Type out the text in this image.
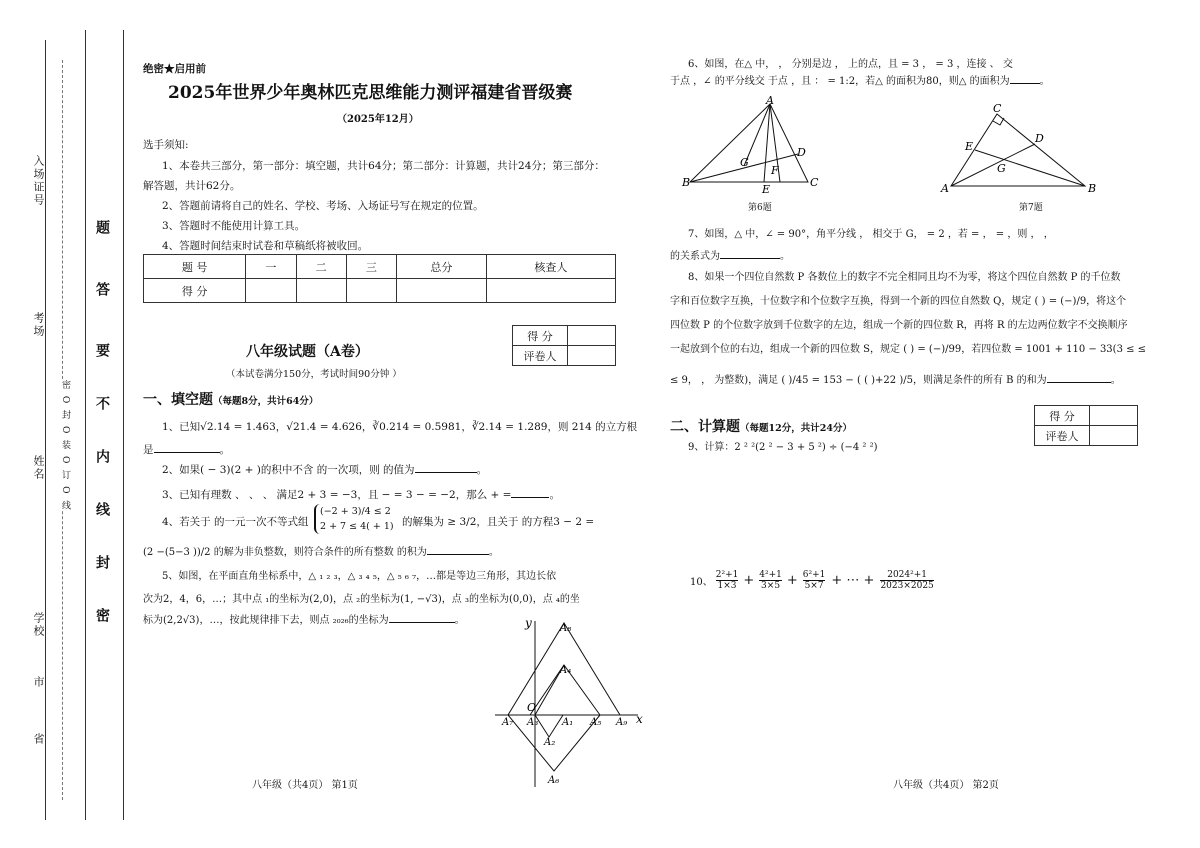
入场证号
考场
姓名
学校
市
省
密 O 封 O 装 O 订 O 线
密
封
线
内
不
要
答
题
绝密★启用前
2025年世界少年奥林匹克思维能力测评福建省晋级赛
（2025年12月）
选手须知:
1、本卷共三部分，第一部分：填空题，共计64分；第二部分：计算题，共计24分；第三部分：
解答题，共计62分。
2、答题前请将自己的姓名、学校、考场、入场证号写在规定的位置。
3、答题时不能使用计算工具。
4、答题时间结束时试卷和草稿纸将被收回。
题 号	一	二	三	总分	核查人
得 分					
得 分	
评卷人	
八年级试题（A卷）
（本试卷满分150分，考试时间90分钟 ）
一、填空题（每题8分，共计64分）
1、已知√2.14 = 1.463，√21.4 = 4.626，∛0.214 = 0.5981，∛2.14 = 1.289，则 214 的立方根
是	。
2、如果( − 3)(2 + )的积中不含 的一次项，则 的值为	。
3、已知有理数 、 、 、 满足2 + 3 = −3，且 − = 3 − = −2，那么 + =	。
4、若关于 的一元一次不等式组
(−2 + 3)/4 ≤ 2
2 + 7 ≤ 4( + 1) 的解集为 ≥ 3/2，且关于 的方程3 − 2 =
(2 −(5−3 ))/2 的解为非负整数，则符合条件的所有整数 的积为	。
5、如图，在平面直角坐标系中，△ ₁ ₂ ₃，△ ₃ ₄ ₅，△ ₅ ₆ ₇，…都是等边三角形，其边长依
次为2，4，6，…；其中点 ₁的坐标为(2,0)，点 ₂的坐标为(1, −√3)，点 ₃的坐标为(0,0)，点 ₄的坐
标为(2,2√3)，…，按此规律排下去，则点 ₂₀₂₆的坐标为	。	y
x
O
A₈
A₄
A₇ A₃ A₁ A₅ A₉
A₂
A₆
八年级（共4页） 第1页
6、如图，在△ 中， ， 分别是边 ， 上的点，且 = 3 ， = 3 ，连接 、 交
于点 ，∠ 的平分线交 于点 ，且 ： = 1:2，若△ 的面积为80，则△ 的面积为	。
A
B	C
D
E
F
G
第6题
C
A	B
D
E
G
第7题
7、如图，△ 中，∠ = 90°，角平分线 ， 相交于 G， = 2 ，若 = ， = ，则 ， ，
的关系式为	。
8、如果一个四位自然数 P 各数位上的数字不完全相同且均不为零，将这个四位自然数 P 的千位数
字和百位数字互换，十位数字和个位数字互换，得到一个新的四位自然数 Q，规定 ( ) = (−)/9，将这个
四位数 P 的个位数字放到千位数字的左边，组成一个新的四位数 R，再将 R 的左边两位数字不交换顺序
一起放到个位的右边，组成一个新的四位数 S，规定 ( ) = (−)/99，若四位数 = 1001 + 110 − 33(3 ≤ ≤
≤ 9， ， 为整数)，满足 ( )/45 = 153 − ( ( )+22 )/5，则满足条件的所有 B 的和为	。
二、计算题（每题12分，共计24分）
得 分	
评卷人	
9、计算：2 ² ²(2 ² − 3 + 5 ²) ÷ (−4 ² ²)
10、
2²+1
1×3 + 4²+1
3×5 + 6²+1
5×7 + ⋯ + 2024²+1
2023×2025
八年级（共4页） 第2页
